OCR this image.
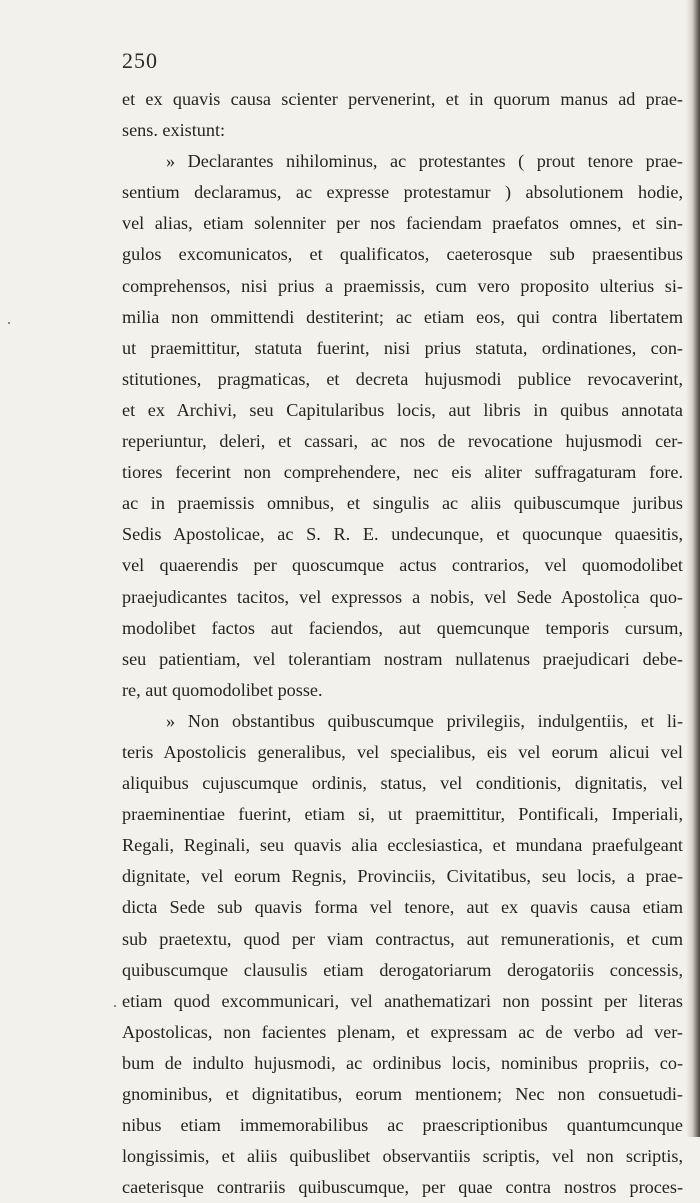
250
et ex quavis causa scienter pervenerint, et in quorum manus ad prae-
sens. existunt:
» Declarantes nihilominus, ac protestantes ( prout tenore prae-
sentium declaramus, ac expresse protestamur ) absolutionem hodie,
vel alias, etiam solenniter per nos faciendam praefatos omnes, et sin-
gulos excomunicatos, et qualificatos, caeterosque sub praesentibus
comprehensos, nisi prius a praemissis, cum vero proposito ulterius si-
milia non ommittendi destiterint; ac etiam eos, qui contra libertatem
ut praemittitur, statuta fuerint, nisi prius statuta, ordinationes, con-
stitutiones, pragmaticas, et decreta hujusmodi publice revocaverint,
et ex Archivi, seu Capitularibus locis, aut libris in quibus annotata
reperiuntur, deleri, et cassari, ac nos de revocatione hujusmodi cer-
tiores fecerint non comprehendere, nec eis aliter suffragaturam fore.
ac in praemissis omnibus, et singulis ac aliis quibuscumque juribus
Sedis Apostolicae, ac S. R. E. undecunque, et quocunque quaesitis,
vel quaerendis per quoscumque actus contrarios, vel quomodolibet
praejudicantes tacitos, vel expressos a nobis, vel Sede Apostolica quo-
modolibet factos aut faciendos, aut quemcunque temporis cursum,
seu patientiam, vel tolerantiam nostram nullatenus praejudicari debe-
re, aut quomodolibet posse.
» Non obstantibus quibuscumque privilegiis, indulgentiis, et li-
teris Apostolicis generalibus, vel specialibus, eis vel eorum alicui vel
aliquibus cujuscumque ordinis, status, vel conditionis, dignitatis, vel
praeminentiae fuerint, etiam si, ut praemittitur, Pontificali, Imperiali,
Regali, Reginali, seu quavis alia ecclesiastica, et mundana praefulgeant
dignitate, vel eorum Regnis, Provinciis, Civitatibus, seu locis, a prae-
dicta Sede sub quavis forma vel tenore, aut ex quavis causa etiam
sub praetextu, quod per viam contractus, aut remunerationis, et cum
quibuscumque clausulis etiam derogatoriarum derogatoriis concessis,
etiam quod excommunicari, vel anathematizari non possint per literas
Apostolicas, non facientes plenam, et expressam ac de verbo ad ver-
bum de indulto hujusmodi, ac ordinibus locis, nominibus propriis, co-
gnominibus, et dignitatibus, eorum mentionem; Nec non consuetudi-
nibus etiam immemorabilibus ac praescriptionibus quantumcunque
longissimis, et aliis quibuslibet observantiis scriptis, vel non scriptis,
caeterisque contrariis quibuscumque, per quae contra nostros proces-
